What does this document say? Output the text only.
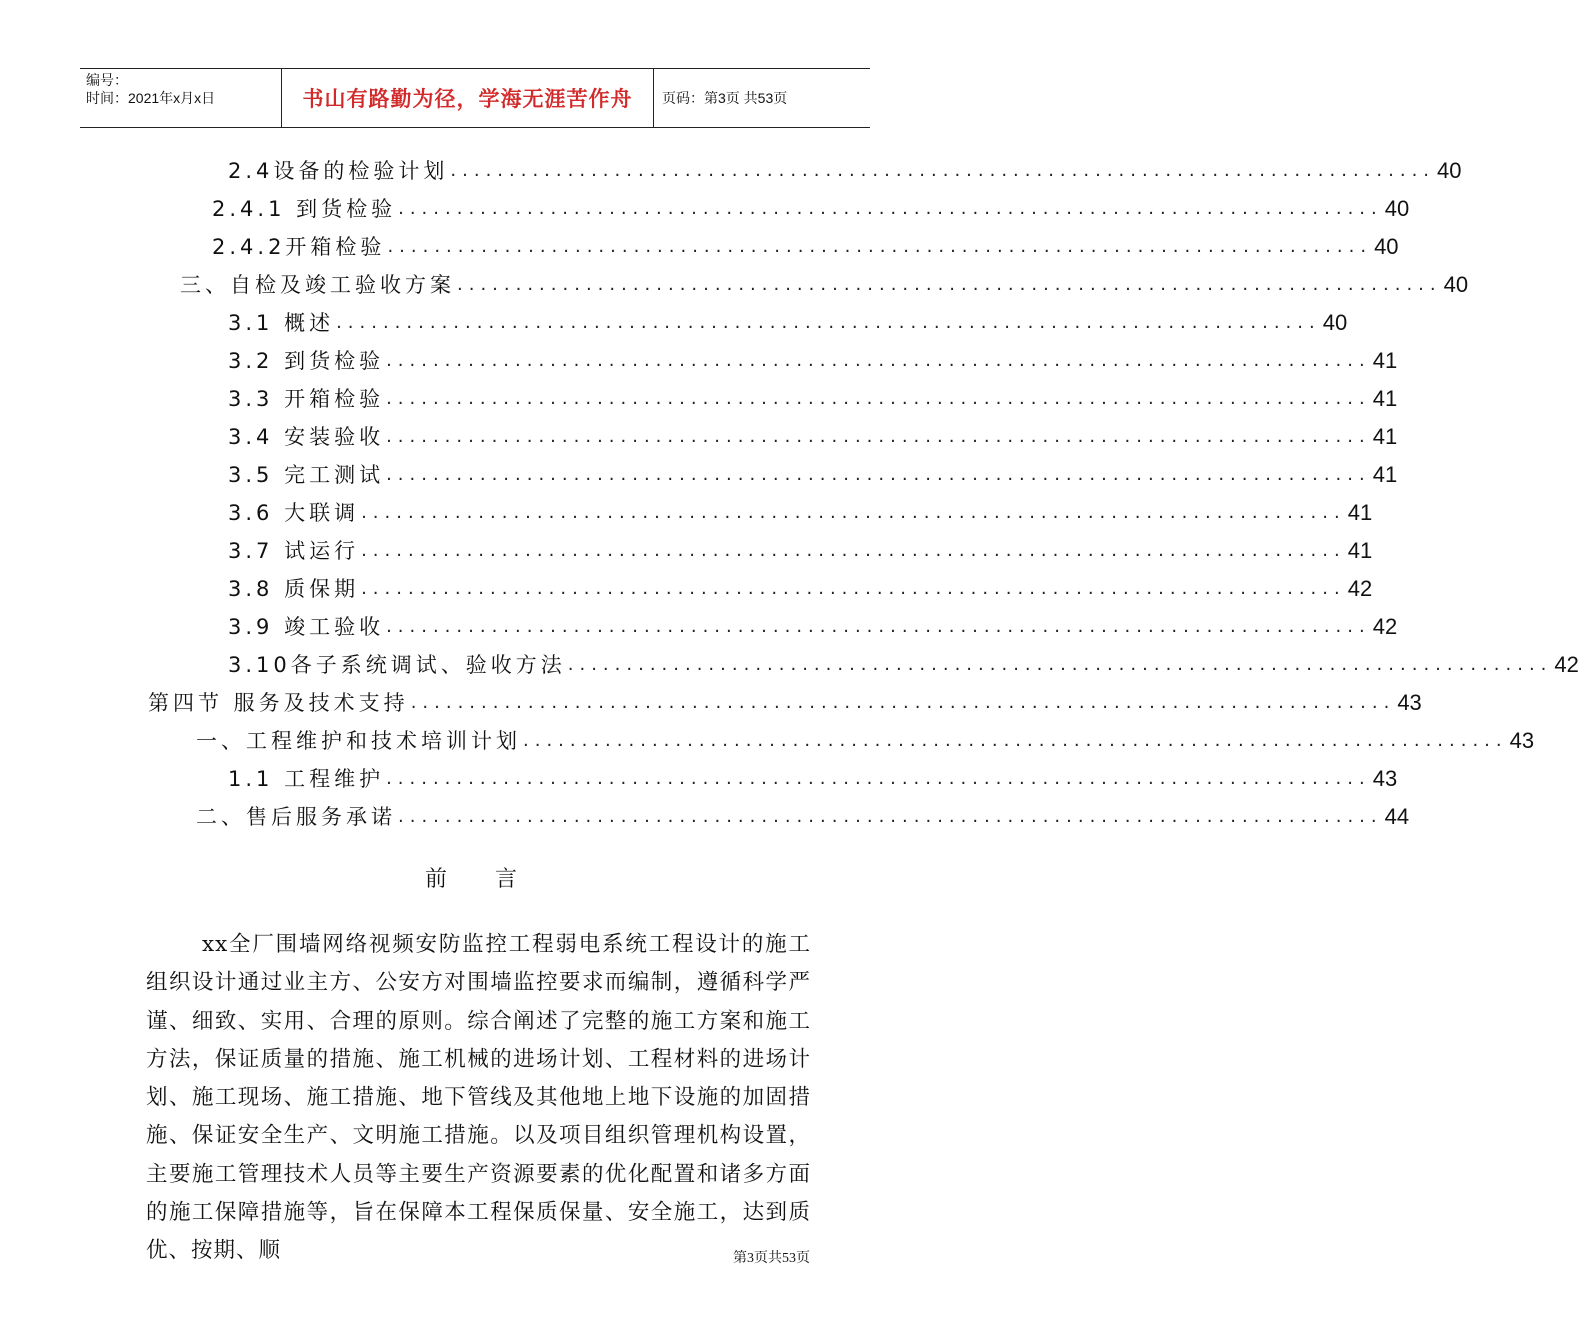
编号：
时间：2021年x月x日	书山有路勤为径，学海无涯苦作舟 页码：第3页 共53页
2.4设备的检验计划 .................................................................................... 40
2.4.1 到货检验 .................................................................................... 40
2.4.2开箱检验 .................................................................................... 40
三、自检及竣工验收方案 .................................................................................... 40
3.1 概述 .................................................................................... 40
3.2 到货检验 .................................................................................... 41
3.3 开箱检验 .................................................................................... 41
3.4 安装验收 .................................................................................... 41
3.5 完工测试 .................................................................................... 41
3.6 大联调 .................................................................................... 41
3.7 试运行 .................................................................................... 41
3.8 质保期 .................................................................................... 42
3.9 竣工验收 .................................................................................... 42
3.10各子系统调试、验收方法 .................................................................................... 42
第四节 服务及技术支持 .................................................................................... 43
一、工程维护和技术培训计划 .................................................................................... 43
1.1 工程维护 .................................................................................... 43
二、售后服务承诺 .................................................................................... 44
前言
xx全厂围墙网络视频安防监控工程弱电系统工程设计的施工组织设计通过业主方、公安方对围墙监控要求而编制，遵循科学严谨、细致、实用、合理的原则。综合阐述了完整的施工方案和施工方法，保证质量的措施、施工机械的进场计划、工程材料的进场计划、施工现场、施工措施、地下管线及其他地上地下设施的加固措施、保证安全生产、文明施工措施。以及项目组织管理机构设置，主要施工管理技术人员等主要生产资源要素的优化配置和诸多方面的施工保障措施等，旨在保障本工程保质保量、安全施工，达到质优、按期、顺	第3页共53页
